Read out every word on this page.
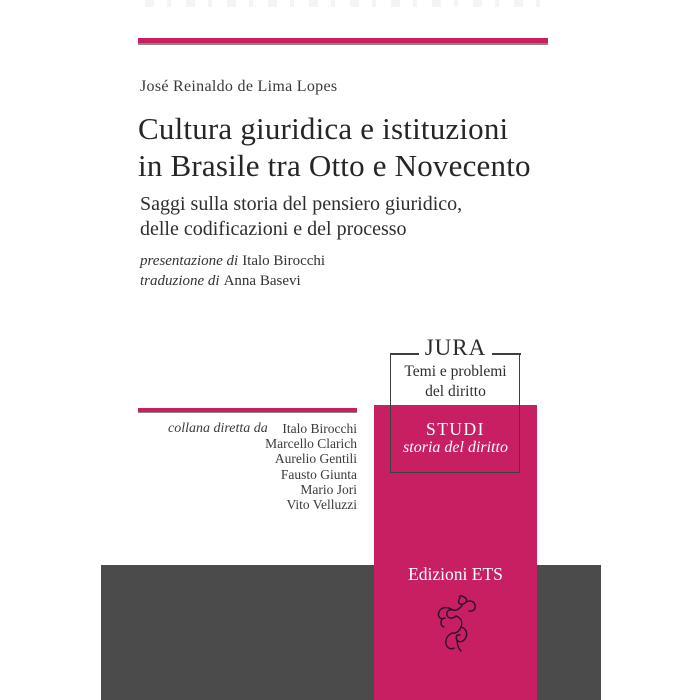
José Reinaldo de Lima Lopes
Cultura giuridica e istituzioni
in Brasile tra Otto e Novecento
Saggi sulla storia del pensiero giuridico,
delle codificazioni e del processo
presentazione di Italo Birocchi
traduzione di Anna Basevi
JURA
Temi e problemi
del diritto
STUDI
storia del diritto
collana diretta da	Italo Birocchi
Marcello Clarich
Aurelio Gentili
Fausto Giunta
Mario Jori
Vito Velluzzi
Edizioni ETS
